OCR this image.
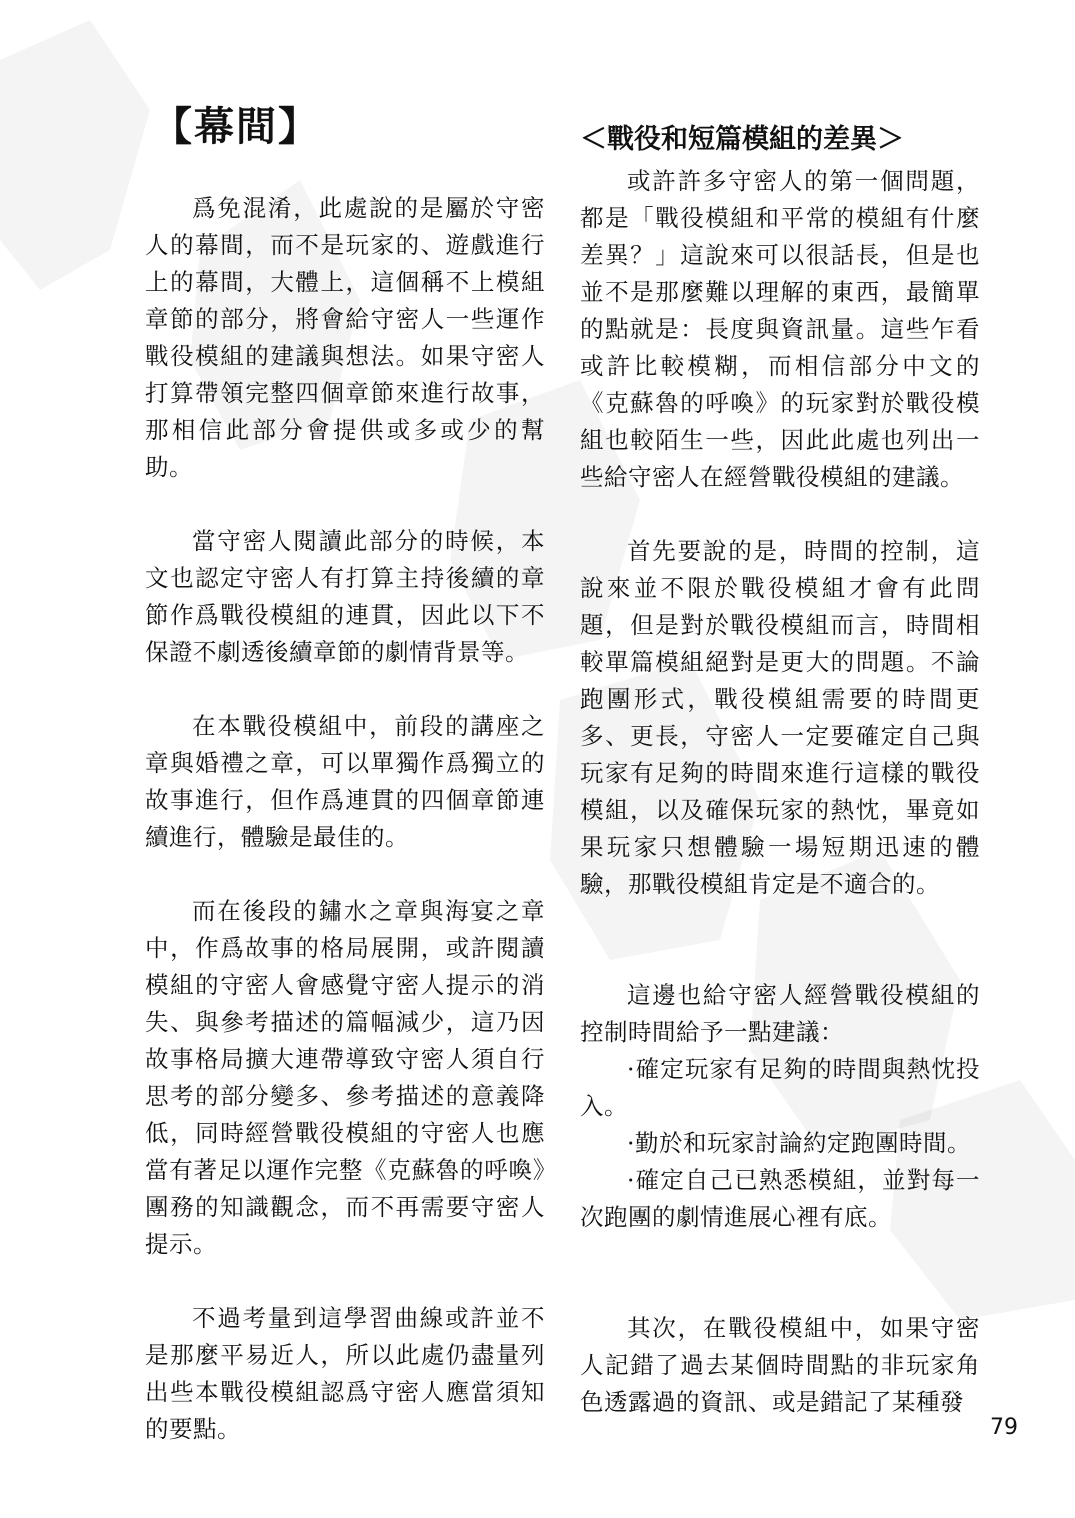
【幕間】	＜戰役和短篇模組的差異＞

爲免混淆，此處說的是屬於守密人的幕間，而不是玩家的、遊戲進行上的幕間，大體上，這個稱不上模組章節的部分，將會給守密人一些運作戰役模組的建議與想法。如果守密人打算帶領完整四個章節來進行故事，那相信此部分會提供或多或少的幫助。

當守密人閱讀此部分的時候，本文也認定守密人有打算主持後續的章節作爲戰役模組的連貫，因此以下不保證不劇透後續章節的劇情背景等。

在本戰役模組中，前段的講座之章與婚禮之章，可以單獨作爲獨立的故事進行，但作爲連貫的四個章節連續進行，體驗是最佳的。

而在後段的鏽水之章與海宴之章中，作爲故事的格局展開，或許閱讀模組的守密人會感覺守密人提示的消失、與參考描述的篇幅減少，這乃因故事格局擴大連帶導致守密人須自行思考的部分變多、參考描述的意義降低，同時經營戰役模組的守密人也應當有著足以運作完整《克蘇魯的呼喚》團務的知識觀念，而不再需要守密人提示。

不過考量到這學習曲線或許並不是那麼平易近人，所以此處仍盡量列出些本戰役模組認爲守密人應當須知的要點。

或許許多守密人的第一個問題，都是「戰役模組和平常的模組有什麼差異？」這說來可以很話長，但是也並不是那麼難以理解的東西，最簡單的點就是：長度與資訊量。這些乍看或許比較模糊，而相信部分中文的《克蘇魯的呼喚》的玩家對於戰役模組也較陌生一些，因此此處也列出一些給守密人在經營戰役模組的建議。

首先要說的是，時間的控制，這說來並不限於戰役模組才會有此問題，但是對於戰役模組而言，時間相較單篇模組絕對是更大的問題。不論跑團形式，戰役模組需要的時間更多、更長，守密人一定要確定自己與玩家有足夠的時間來進行這樣的戰役模組，以及確保玩家的熱忱，畢竟如果玩家只想體驗一場短期迅速的體驗，那戰役模組肯定是不適合的。

這邊也給守密人經營戰役模組的控制時間給予一點建議：

·確定玩家有足夠的時間與熱忱投入。

·勤於和玩家討論約定跑團時間。

·確定自己已熟悉模組，並對每一次跑團的劇情進展心裡有底。

其次，在戰役模組中，如果守密人記錯了過去某個時間點的非玩家角色透露過的資訊、或是錯記了某種發

79
